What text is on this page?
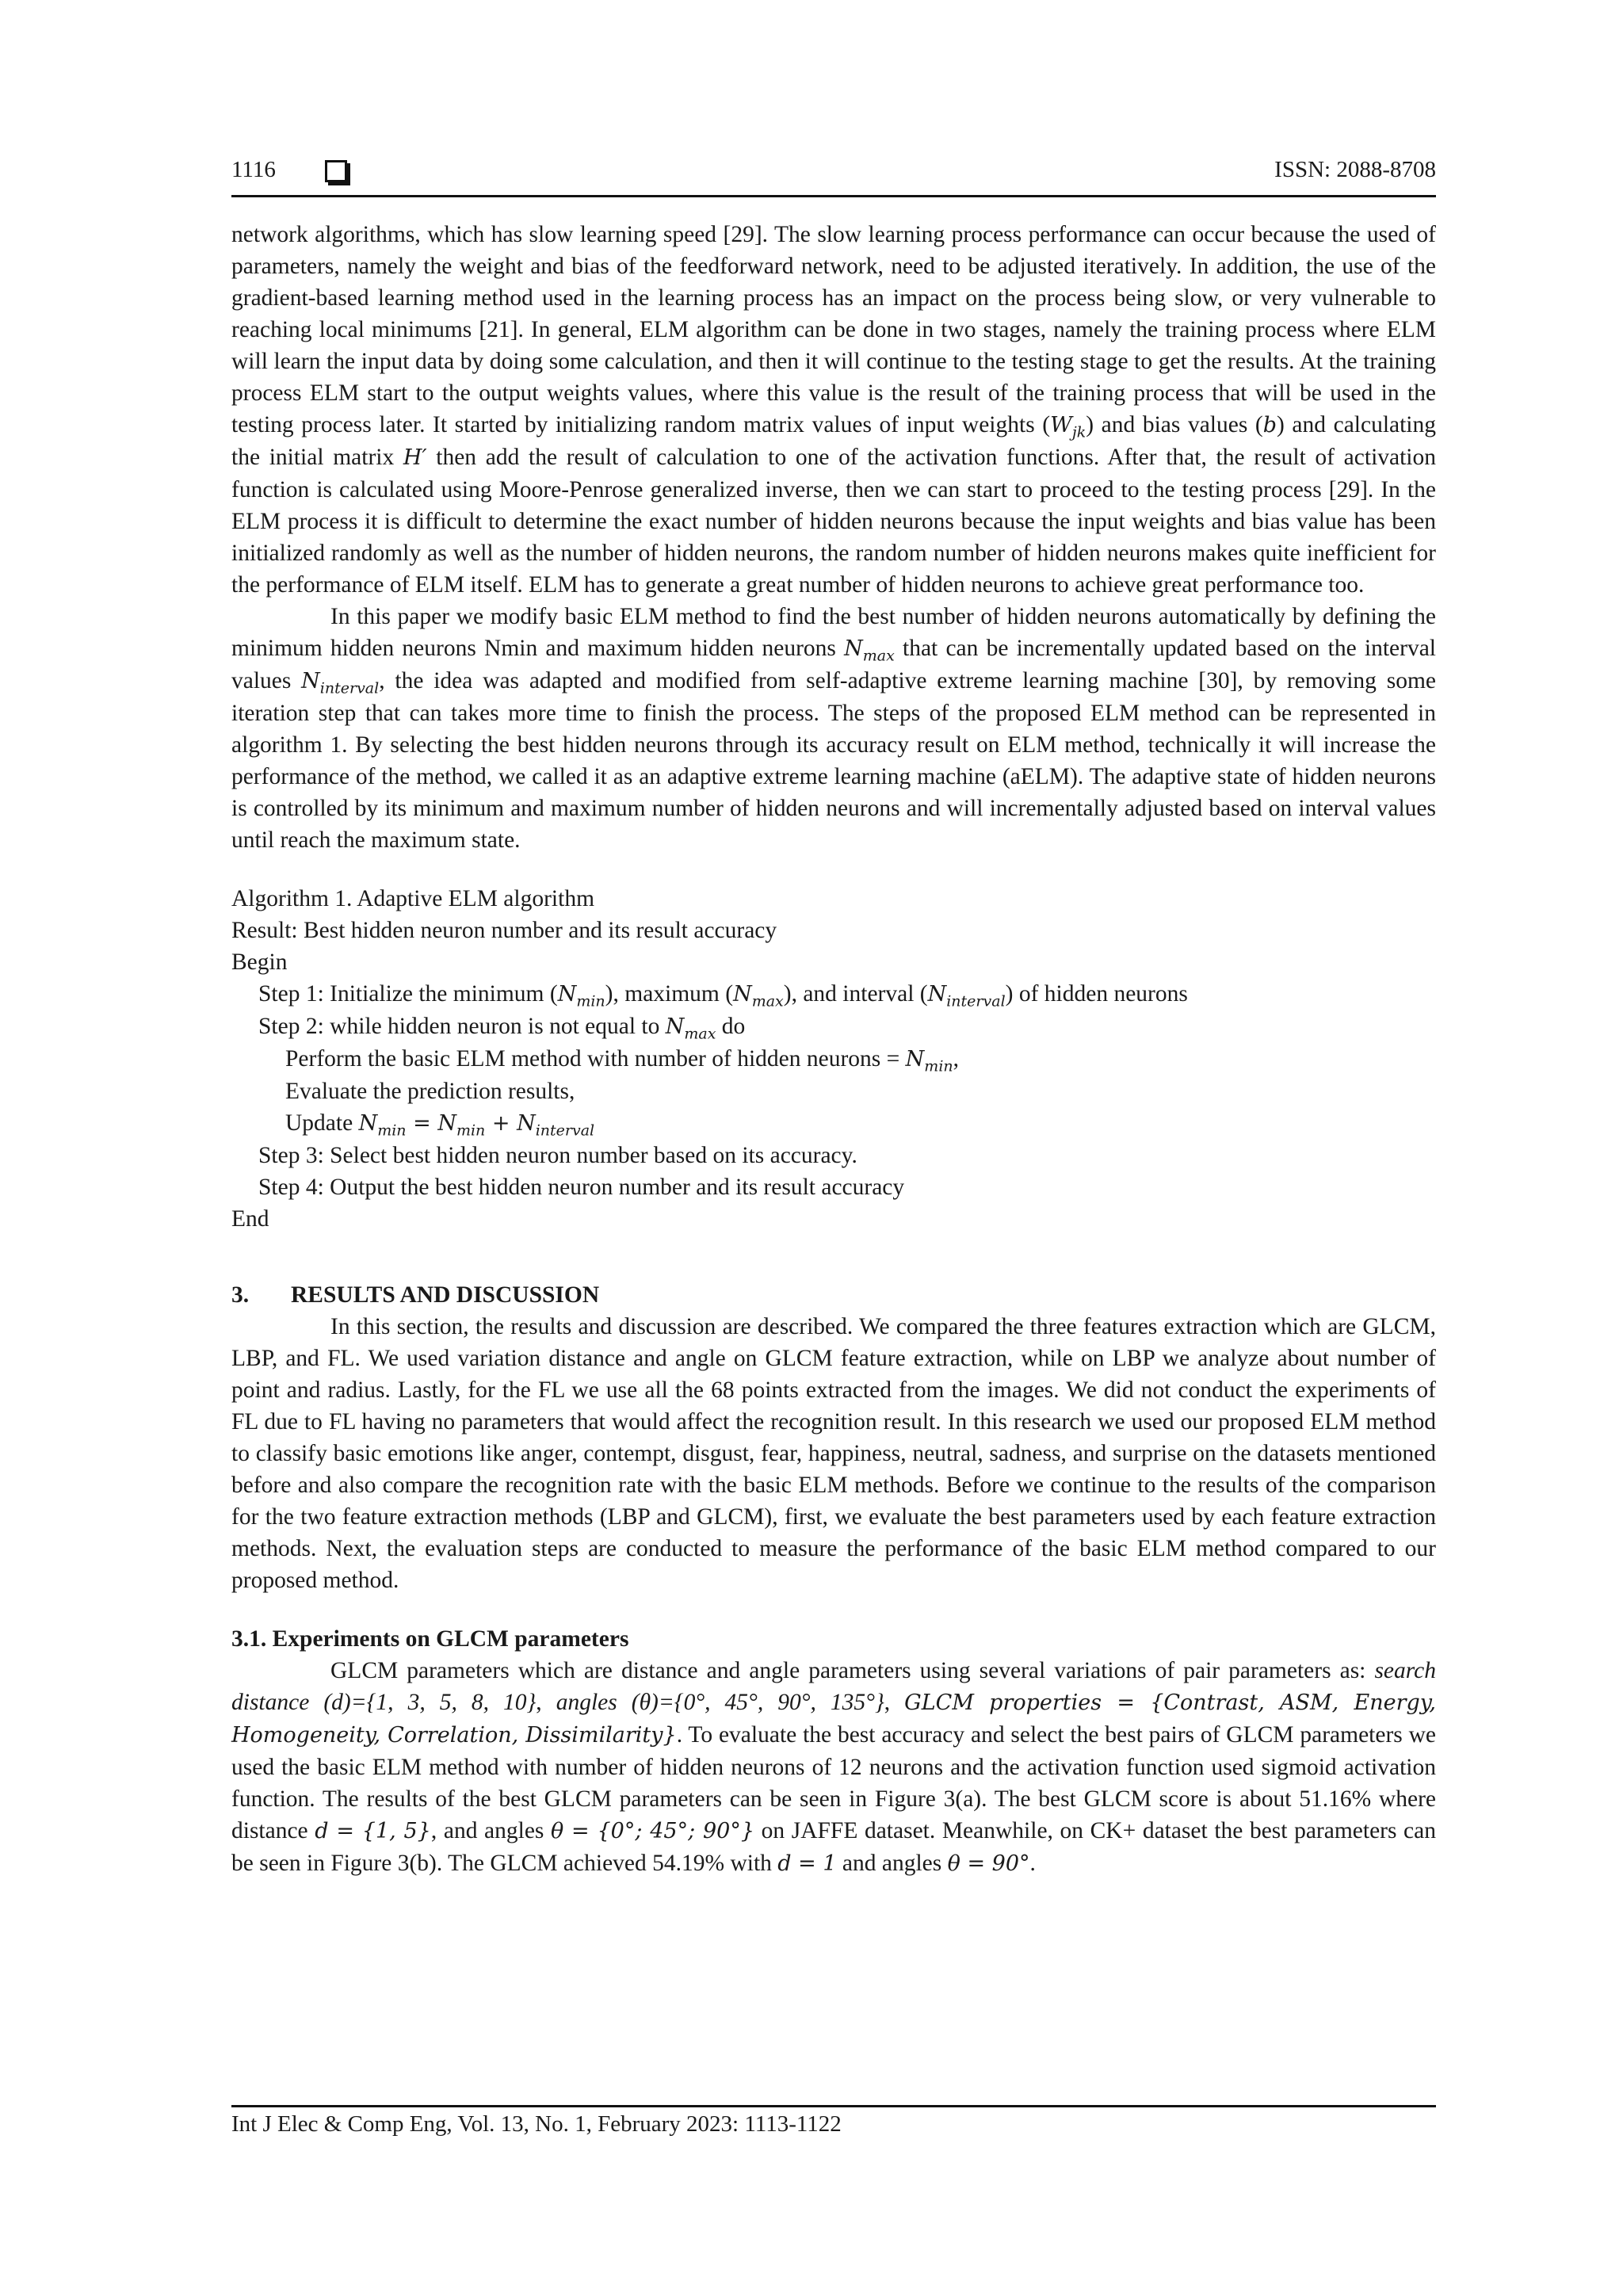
1116	ISSN: 2088-8708

network algorithms, which has slow learning speed [29]. The slow learning process performance can occur because the used of parameters, namely the weight and bias of the feedforward network, need to be adjusted iteratively. In addition, the use of the gradient-based learning method used in the learning process has an impact on the process being slow, or very vulnerable to reaching local minimums [21]. In general, ELM algorithm can be done in two stages, namely the training process where ELM will learn the input data by doing some calculation, and then it will continue to the testing stage to get the results. At the training process ELM start to the output weights values, where this value is the result of the training process that will be used in the testing process later. It started by initializing random matrix values of input weights $(W_{jk})$ and bias values (b) and calculating the initial matrix H′ then add the result of calculation to one of the activation functions. After that, the result of activation function is calculated using Moore-Penrose generalized inverse, then we can start to proceed to the testing process [29]. In the ELM process it is difficult to determine the exact number of hidden neurons because the input weights and bias value has been initialized randomly as well as the number of hidden neurons, the random number of hidden neurons makes quite inefficient for the performance of ELM itself. ELM has to generate a great number of hidden neurons to achieve great performance too.

In this paper we modify basic ELM method to find the best number of hidden neurons automatically by defining the minimum hidden neurons Nmin and maximum hidden neurons $N_{max}$ that can be incrementally updated based on the interval values $N_{interval}$, the idea was adapted and modified from self-adaptive extreme learning machine [30], by removing some iteration step that can takes more time to finish the process. The steps of the proposed ELM method can be represented in algorithm 1. By selecting the best hidden neurons through its accuracy result on ELM method, technically it will increase the performance of the method, we called it as an adaptive extreme learning machine (aELM). The adaptive state of hidden neurons is controlled by its minimum and maximum number of hidden neurons and will incrementally adjusted based on interval values until reach the maximum state.

Algorithm 1. Adaptive ELM algorithm
Result: Best hidden neuron number and its result accuracy
Begin
Step 1: Initialize the minimum $(N_{min})$, maximum $(N_{max})$, and interval $(N_{interval})$ of hidden neurons
Step 2: while hidden neuron is not equal to $N_{max}$ do
Perform the basic ELM method with number of hidden neurons = $N_{min}$,
Evaluate the prediction results,
Update $N_{min} = N_{min} + N_{interval}$
Step 3: Select best hidden neuron number based on its accuracy.
Step 4: Output the best hidden neuron number and its result accuracy
End
3. RESULTS AND DISCUSSION

In this section, the results and discussion are described. We compared the three features extraction which are GLCM, LBP, and FL. We used variation distance and angle on GLCM feature extraction, while on LBP we analyze about number of point and radius. Lastly, for the FL we use all the 68 points extracted from the images. We did not conduct the experiments of FL due to FL having no parameters that would affect the recognition result. In this research we used our proposed ELM method to classify basic emotions like anger, contempt, disgust, fear, happiness, neutral, sadness, and surprise on the datasets mentioned before and also compare the recognition rate with the basic ELM methods. Before we continue to the results of the comparison for the two feature extraction methods (LBP and GLCM), first, we evaluate the best parameters used by each feature extraction methods. Next, the evaluation steps are conducted to measure the performance of the basic ELM method compared to our proposed method.

3.1. Experiments on GLCM parameters

GLCM parameters which are distance and angle parameters using several variations of pair parameters as: search distance (d)={1, 3, 5, 8, 10}, angles (θ)={0°, 45°, 90°, 135°}, GLCM properties = {Contrast, ASM, Energy, Homogeneity, Correlation, Dissimilarity}. To evaluate the best accuracy and select the best pairs of GLCM parameters we used the basic ELM method with number of hidden neurons of 12 neurons and the activation function used sigmoid activation function. The results of the best GLCM parameters can be seen in Figure 3(a). The best GLCM score is about 51.16% where distance d = {1, 5}, and angles θ = {0°; 45°; 90°} on JAFFE dataset. Meanwhile, on CK+ dataset the best parameters can be seen in Figure 3(b). The GLCM achieved 54.19% with d = 1 and angles θ = 90°.

Int J Elec & Comp Eng, Vol. 13, No. 1, February 2023: 1113-1122
